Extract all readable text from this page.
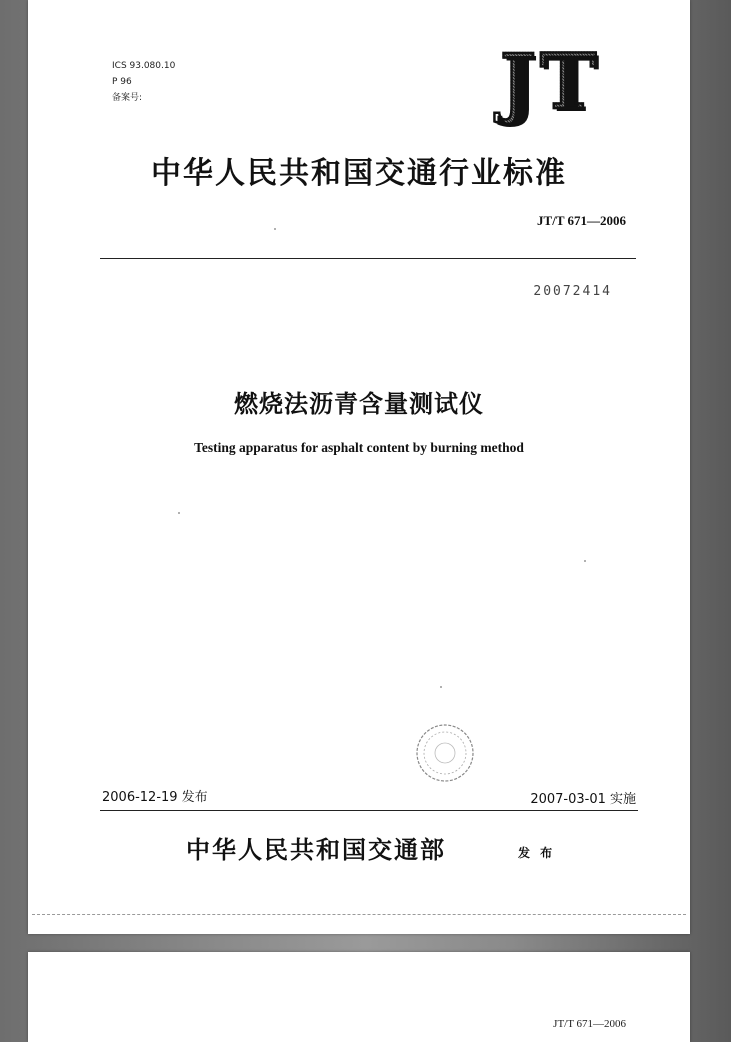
ICS 93.080.10
P 96
备案号:	JT
中华人民共和国交通行业标准
JT/T 671—2006
20072414
燃烧法沥青含量测试仪
Testing apparatus for asphalt content by burning method
2006-12-19 发布	2007-03-01 实施
中华人民共和国交通部	发 布
JT/T 671—2006
